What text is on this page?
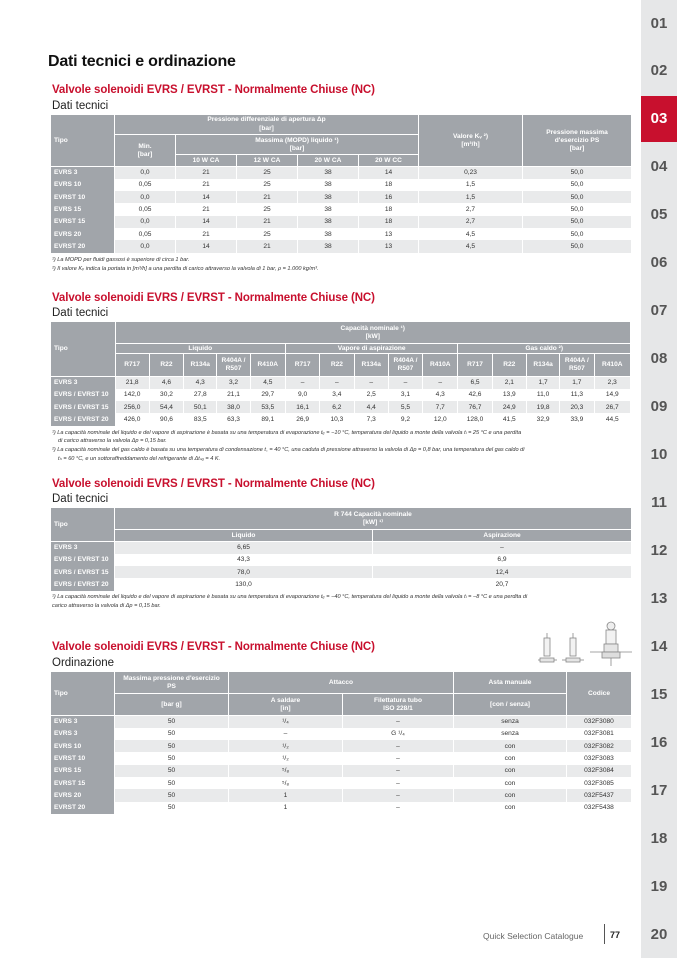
Dati tecnici e ordinazione
Valvole solenoidi EVRS / EVRST - Normalmente Chiuse (NC)
Dati tecnici
Tipo	Pressione differenziale di apertura Δp					Valore Kᵥ ²)
[m³/h]	Pressione massima
d'esercizio PS
[bar]
	[bar]						
	Min.
[bar]	Massima (MOPD) liquido ¹)
[bar]					
		10 W CA	12 W CA	20 W CA	20 W CC		
EVRS 3	0,0	21	25	38	14	0,23	50,0
EVRS 10	0,05	21	25	38	18	1,5	50,0
EVRST 10	0,0	14	21	38	16	1,5	50,0
EVRS 15	0,05	21	25	38	18	2,7	50,0
EVRST 15	0,0	14	21	38	18	2,7	50,0
EVRS 20	0,05	21	25	38	13	4,5	50,0
EVRST 20	0,0	14	21	38	13	4,5	50,0
¹) La MOPD per fluidi gassosi è superiore di circa 1 bar.
²) Il valore Kᵥ indica la portata in [m³/h] a una perdita di carico attraverso la valvola di 1 bar, ρ = 1.000 kg/m³.
Valvole solenoidi EVRS / EVRST - Normalmente Chiuse (NC)
Dati tecnici
Tipo	Capacità nominale ¹)
[kW]														
	Liquido					Vapore di aspirazione					Gas caldo ²)				
	R717	R22	R134a	R404A / R507	R410A	R717	R22	R134a	R404A / R507	R410A	R717	R22	R134a	R404A / R507	R410A
EVRS 3	21,8	4,6	4,3	3,2	4,5	–	–	–	–	–	6,5	2,1	1,7	1,7	2,3
EVRS / EVRST 10	142,0	30,2	27,8	21,1	29,7	9,0	3,4	2,5	3,1	4,3	42,6	13,9	11,0	11,3	14,9
EVRS / EVRST 15	256,0	54,4	50,1	38,0	53,5	16,1	6,2	4,4	5,5	7,7	76,7	24,9	19,8	20,3	26,7
EVRS / EVRST 20	426,0	90,6	83,5	63,3	89,1	26,9	10,3	7,3	9,2	12,0	128,0	41,5	32,9	33,9	44,5
¹) La capacità nominale del liquido e del vapore di aspirazione è basata su una temperatura di evaporazione tₑ = −10 °C, temperatura del liquido a monte della valvola tₗ = 25 °C e una perdita
di carico attraverso la valvola Δp = 0,15 bar.
²) La capacità nominale del gas caldo è basata su una temperatura di condensazione t꜀ = 40 °C, una caduta di pressione attraverso la valvola di Δp = 0,8 bar, una temperatura del gas caldo di
tₕ = 60 °C, e un sottoraffreddamento del refrigerante di Δtₛᵤ = 4 K.
Valvole solenoidi EVRS / EVRST - Normalmente Chiuse (NC)
Dati tecnici
Tipo	R 744 Capacità nominale
[kW] ¹⁾	
	Liquido	Aspirazione
EVRS 3	6,65	–
EVRS / EVRST 10	43,3	6,9
EVRS / EVRST 15	78,0	12,4
EVRS / EVRST 20	130,0	20,7
¹) La capacità nominale del liquido e del vapore di aspirazione è basata su una temperatura di evaporazione tₑ = −40 °C, temperatura del liquido a monte della valvola tₗ = −8 °C e una perdita di
carico attraverso la valvola di Δp = 0,15 bar.
Valvole solenoidi EVRS / EVRST - Normalmente Chiuse (NC)
Ordinazione
Tipo	Massima pressione d'esercizio
PS	Attacco		Asta manuale	Codice
	[bar g]	A saldare
[in]	Filettatura tubo
ISO 228/1	[con / senza]	
EVRS 3	50	¹/₄	–	senza	032F3080
EVRS 3	50	–	G ¹/₄	senza	032F3081
EVRS 10	50	¹/₂	–	con	032F3082
EVRST 10	50	¹/₂	–	con	032F3083
EVRS 15	50	⁵/₈	–	con	032F3084
EVRST 15	50	⁵/₈	–	con	032F3085
EVRS 20	50	1	–	con	032F5437
EVRST 20	50	1	–	con	032F5438
01
02
03
04
05
06
07
08
09
10
11
12
13
14
15
16
17
18
19
20
Quick Selection Catalogue	77
